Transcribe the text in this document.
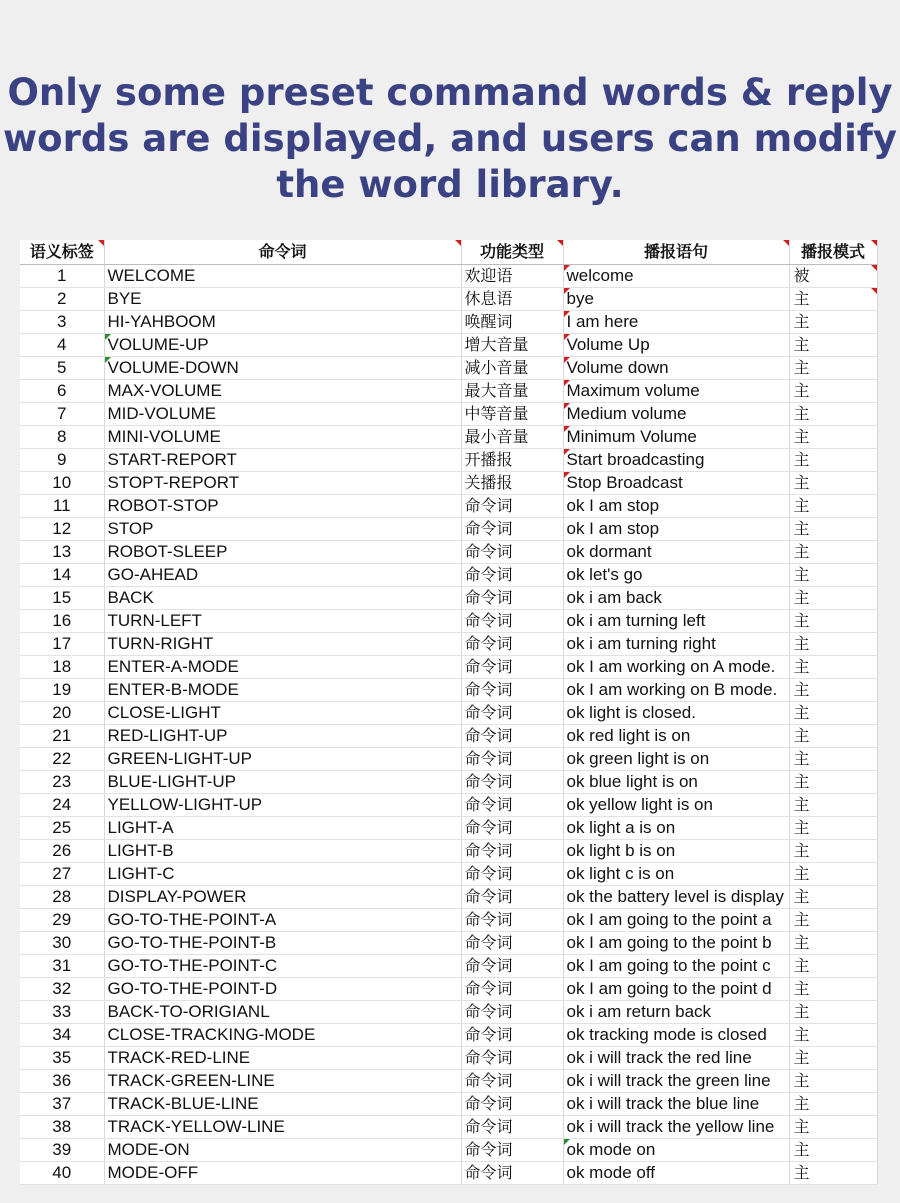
Only some preset command words & reply
words are displayed, and users can modify
the word library.
语义标签	命令词	功能类型	播报语句	播报模式

1	WELCOME	欢迎语	welcome	被

2	BYE	休息语	bye	主

3	HI-YAHBOOM	唤醒词	I am here	主
4	VOLUME-UP	增大音量	Volume Up	主
5	VOLUME-DOWN	减小音量	Volume down	主
6	MAX-VOLUME	最大音量	Maximum volume	主
7	MID-VOLUME	中等音量	Medium volume	主
8	MINI-VOLUME	最小音量	Minimum Volume	主
9	START-REPORT	开播报	Start broadcasting	主
10	STOPT-REPORT	关播报	Stop Broadcast	主
11	ROBOT-STOP	命令词	ok I am stop	主
12	STOP	命令词	ok I am stop	主
13	ROBOT-SLEEP	命令词	ok dormant	主
14	GO-AHEAD	命令词	ok let's go	主
15	BACK	命令词	ok i am back	主
16	TURN-LEFT	命令词	ok i am turning left	主
17	TURN-RIGHT	命令词	ok i am turning right	主
18	ENTER-A-MODE	命令词	ok I am working on A mode.	主
19	ENTER-B-MODE	命令词	ok I am working on B mode.	主
20	CLOSE-LIGHT	命令词	ok light is closed.	主
21	RED-LIGHT-UP	命令词	ok red light is on	主
22	GREEN-LIGHT-UP	命令词	ok green light is on	主
23	BLUE-LIGHT-UP	命令词	ok blue light is on	主
24	YELLOW-LIGHT-UP	命令词	ok yellow light is on	主
25	LIGHT-A	命令词	ok light a is on	主
26	LIGHT-B	命令词	ok light b is on	主
27	LIGHT-C	命令词	ok light c is on	主
28	DISPLAY-POWER	命令词	ok the battery level is display	主
29	GO-TO-THE-POINT-A	命令词	ok I am going to the point a	主
30	GO-TO-THE-POINT-B	命令词	ok I am going to the point b	主
31	GO-TO-THE-POINT-C	命令词	ok I am going to the point c	主
32	GO-TO-THE-POINT-D	命令词	ok I am going to the point d	主
33	BACK-TO-ORIGIANL	命令词	ok i am return back	主
34	CLOSE-TRACKING-MODE	命令词	ok tracking mode is closed	主
35	TRACK-RED-LINE	命令词	ok i will track the red line	主
36	TRACK-GREEN-LINE	命令词	ok i will track the green line	主
37	TRACK-BLUE-LINE	命令词	ok i will track the blue line	主
38	TRACK-YELLOW-LINE	命令词	ok i will track the yellow line	主
39	MODE-ON	命令词	ok mode on	主
40	MODE-OFF	命令词	ok mode off	主
